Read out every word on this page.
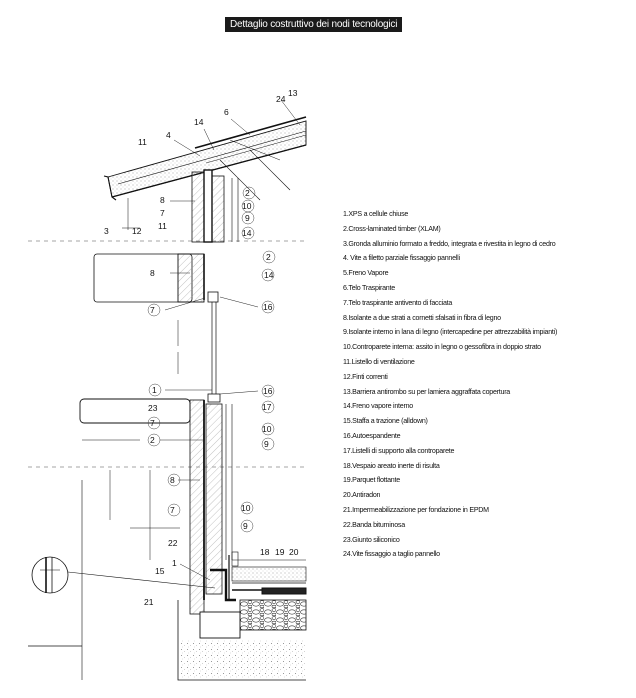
Dettaglio costruttivo dei nodi tecnologici
24
13
6
14
11
4
8
7
11
3	12
2
10
9
14
2
8	14
7	16
1	16
23	17
7
10
2	9
8
10
7
9
22
1
15
18 19 20
21
1.XPS a cellule chiuse
2.Cross-laminated timber (XLAM)
3.Gronda alluminio formato a freddo, integrata e rivestita in legno di cedro
4. Vite a filetto parziale fissaggio pannelli
5.Freno Vapore
6.Telo Traspirante
7.Telo traspirante antivento di facciata
8.Isolante a due strati a cornetti sfalsati in fibra di legno
9.Isolante interno in lana di legno (intercapedine per attrezzabilità impianti)
10.Controparete interna: assito in legno o gessofibra in doppio strato
11.Listello di ventilazione
12.Finti correnti
13.Barriera antirombo su per lamiera aggraffata copertura
14.Freno vapore interno
15.Staffa a trazione (alldown)
16.Autoespandente
17.Listelli di supporto alla controparete
18.Vespaio areato inerte di risulta
19.Parquet flottante
20.Antiradon
21.Impermeabilizzazione per fondazione in EPDM
22.Banda bituminosa
23.Giunto siliconico
24.Vite fissaggio a taglio pannello
